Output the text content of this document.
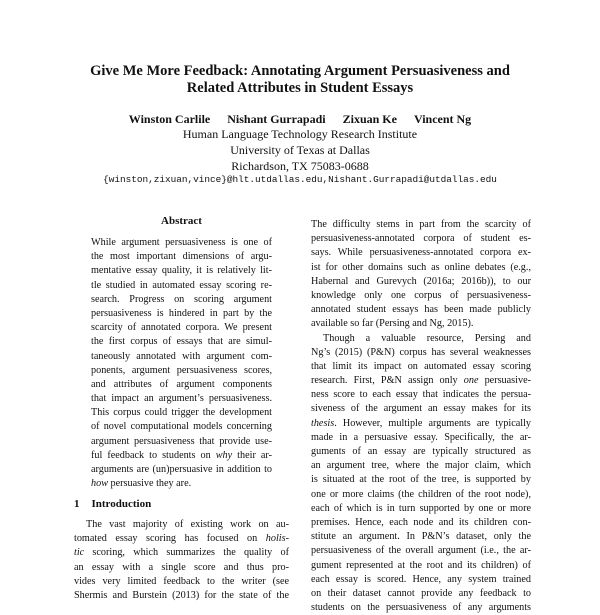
Give Me More Feedback: Annotating Argument Persuasiveness and
Related Attributes in Student Essays
Winston Carlile Nishant Gurrapadi Zixuan Ke Vincent Ng
Human Language Technology Research Institute
University of Texas at Dallas
Richardson, TX 75083-0688
{winston,zixuan,vince}@hlt.utdallas.edu,Nishant.Gurrapadi@utdallas.edu
Abstract
While argument persuasiveness is one of
the most important dimensions of argu-
mentative essay quality, it is relatively lit-
tle studied in automated essay scoring re-
search. Progress on scoring argument
persuasiveness is hindered in part by the
scarcity of annotated corpora. We present
the first corpus of essays that are simul-
taneously annotated with argument com-
ponents, argument persuasiveness scores,
and attributes of argument components
that impact an argument’s persuasiveness.
This corpus could trigger the development
of novel computational models concerning
argument persuasiveness that provide use-
ful feedback to students on why their ar-
arguments are (un)persuasive in addition to
how persuasive they are.
1 Introduction
The vast majority of existing work on au-
tomated essay scoring has focused on holis-
tic scoring, which summarizes the quality of
an essay with a single score and thus pro-
vides very limited feedback to the writer (see
Shermis and Burstein (2013) for the state of the
The difficulty stems in part from the scarcity of
persuasiveness-annotated corpora of student es-
says. While persuasiveness-annotated corpora ex-
ist for other domains such as online debates (e.g.,
Habernal and Gurevych (2016a; 2016b)), to our
knowledge only one corpus of persuasiveness-
annotated student essays has been made publicly
available so far (Persing and Ng, 2015).
Though a valuable resource, Persing and
Ng’s (2015) (P&N) corpus has several weaknesses
that limit its impact on automated essay scoring
research. First, P&N assign only one persuasive-
ness score to each essay that indicates the persua-
siveness of the argument an essay makes for its
thesis. However, multiple arguments are typically
made in a persuasive essay. Specifically, the ar-
guments of an essay are typically structured as
an argument tree, where the major claim, which
is situated at the root of the tree, is supported by
one or more claims (the children of the root node),
each of which is in turn supported by one or more
premises. Hence, each node and its children con-
stitute an argument. In P&N’s dataset, only the
persuasiveness of the overall argument (i.e., the ar-
gument represented at the root and its children) of
each essay is scored. Hence, any system trained
on their dataset cannot provide any feedback to
students on the persuasiveness of any arguments
